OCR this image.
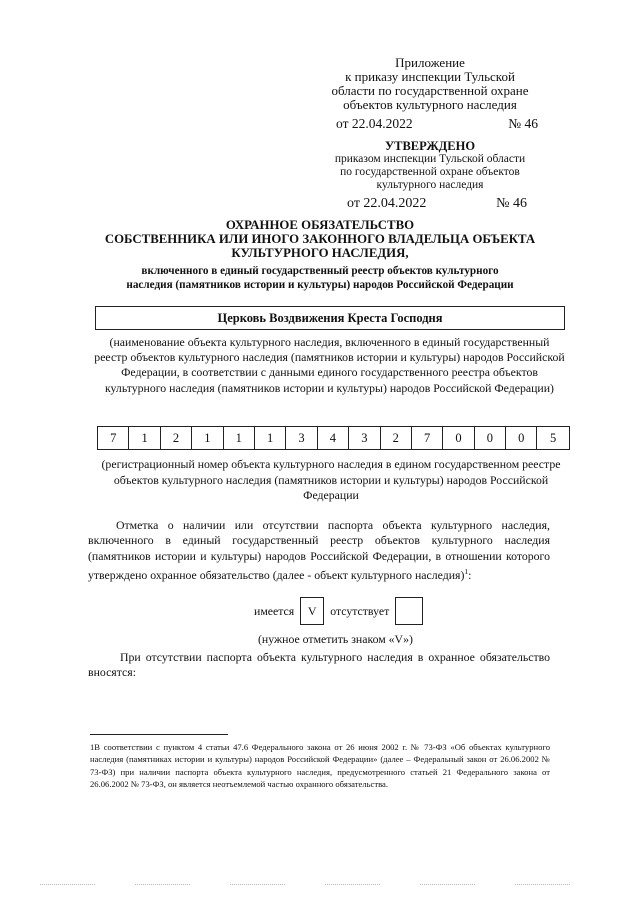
Приложение
к приказу инспекции Тульской
области по государственной охране
объектов культурного наследия
от 22.04.2022	№ 46
УТВЕРЖДЕНО
приказом инспекции Тульской области
по государственной охране объектов
культурного наследия
от 22.04.2022	№ 46
ОХРАННОЕ ОБЯЗАТЕЛЬСТВО
СОБСТВЕННИКА ИЛИ ИНОГО ЗАКОННОГО ВЛАДЕЛЬЦА ОБЪЕКТА
КУЛЬТУРНОГО НАСЛЕДИЯ,
включенного в единый государственный реестр объектов культурного
наследия (памятников истории и культуры) народов Российской Федерации
Церковь Воздвижения Креста Господня
(наименование объекта культурного наследия, включенного в единый государственный реестр объектов культурного наследия (памятников истории и культуры) народов Российской Федерации, в соответствии с данными единого государственного реестра объектов культурного наследия (памятников истории и культуры) народов Российской Федерации)
7	1	2	1	1	1	3	4	3	2	7	0	0	0	5
(регистрационный номер объекта культурного наследия в едином государственном реестре объектов культурного наследия (памятников истории и культуры) народов Российской Федерации
Отметка о наличии или отсутствии паспорта объекта культурного наследия, включенного в единый государственный реестр объектов культурного наследия (памятников истории и культуры) народов Российской Федерации, в отношении которого утверждено охранное обязательство (далее - объект культурного наследия)$^1$:
имеется V отсутствует
(нужное отметить знаком «V»)
При отсутствии паспорта объекта культурного наследия в охранное обязательство вносятся:
1В соответствии с пунктом 4 статьи 47.6 Федерального закона от 26 июня 2002 г. № 73-ФЗ «Об объектах культурного наследия (памятниках истории и культуры) народов Российской Федерации» (далее – Федеральный закон от 26.06.2002 № 73-ФЗ) при наличии паспорта объекта культурного наследия, предусмотренного статьей 21 Федерального закона от 26.06.2002 № 73-ФЗ, он является неотъемлемой частью охранного обязательства.
